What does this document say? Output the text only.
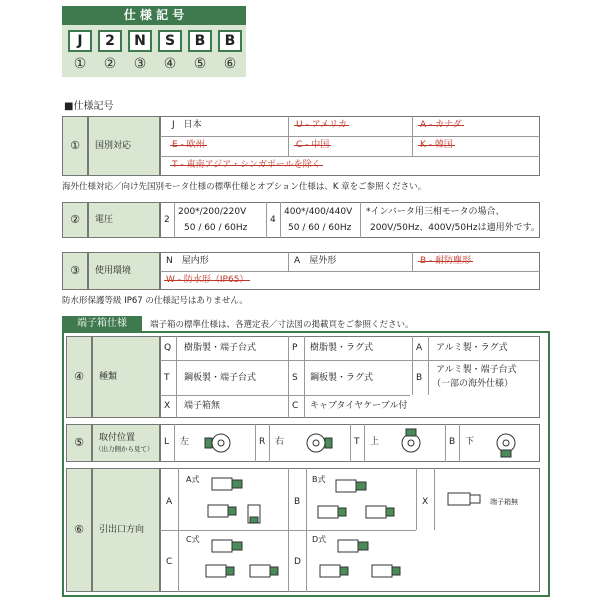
仕 様 記 号
J
①
2
②
N
③
S
④
B
⑤
B
⑥
■仕様記号
①	国別対応
J　 日本	U - アメリカ	A - カナダ
E - 欧州	C - 中国	K - 韓国
T - 東南アジア・シンガポールを除く
海外仕様対応／向け先国別モータ仕様の標準仕様とオプション仕様は、K 章をご参照ください。
②	電圧	2
200*/200/220V
50 / 60 / 60Hz
4
400*/400/440V
50 / 60 / 60Hz
*インバータ用三相モータの場合、
200V/50Hz、400V/50Hzは適用外です。
③	使用環境
N　 屋内形	A　 屋外形	B - 耐防塵形
W - 防水形（IP65）
防水形保護等級 IP67 の仕様記号はありません。
端子箱仕様	端子箱の標準仕様は、各選定表／寸法図の掲載頁をご参照ください。
④	種類
Q 樹脂製・端子台式	P 樹脂製・ラグ式	A アルミ製・ラグ式
T 鋼板製・端子台式	S 鋼板製・ラグ式	B
アルミ製・端子台式
（一部の海外仕様）
X 端子箱無	C キャブタイヤケーブル付
⑤	取付位置
（出力側から見て）
L 左	R 右	T 上	B 下
⑥	引出口方向
A	B	X
C	D
A式	B式
C式	D式
端子箱無
